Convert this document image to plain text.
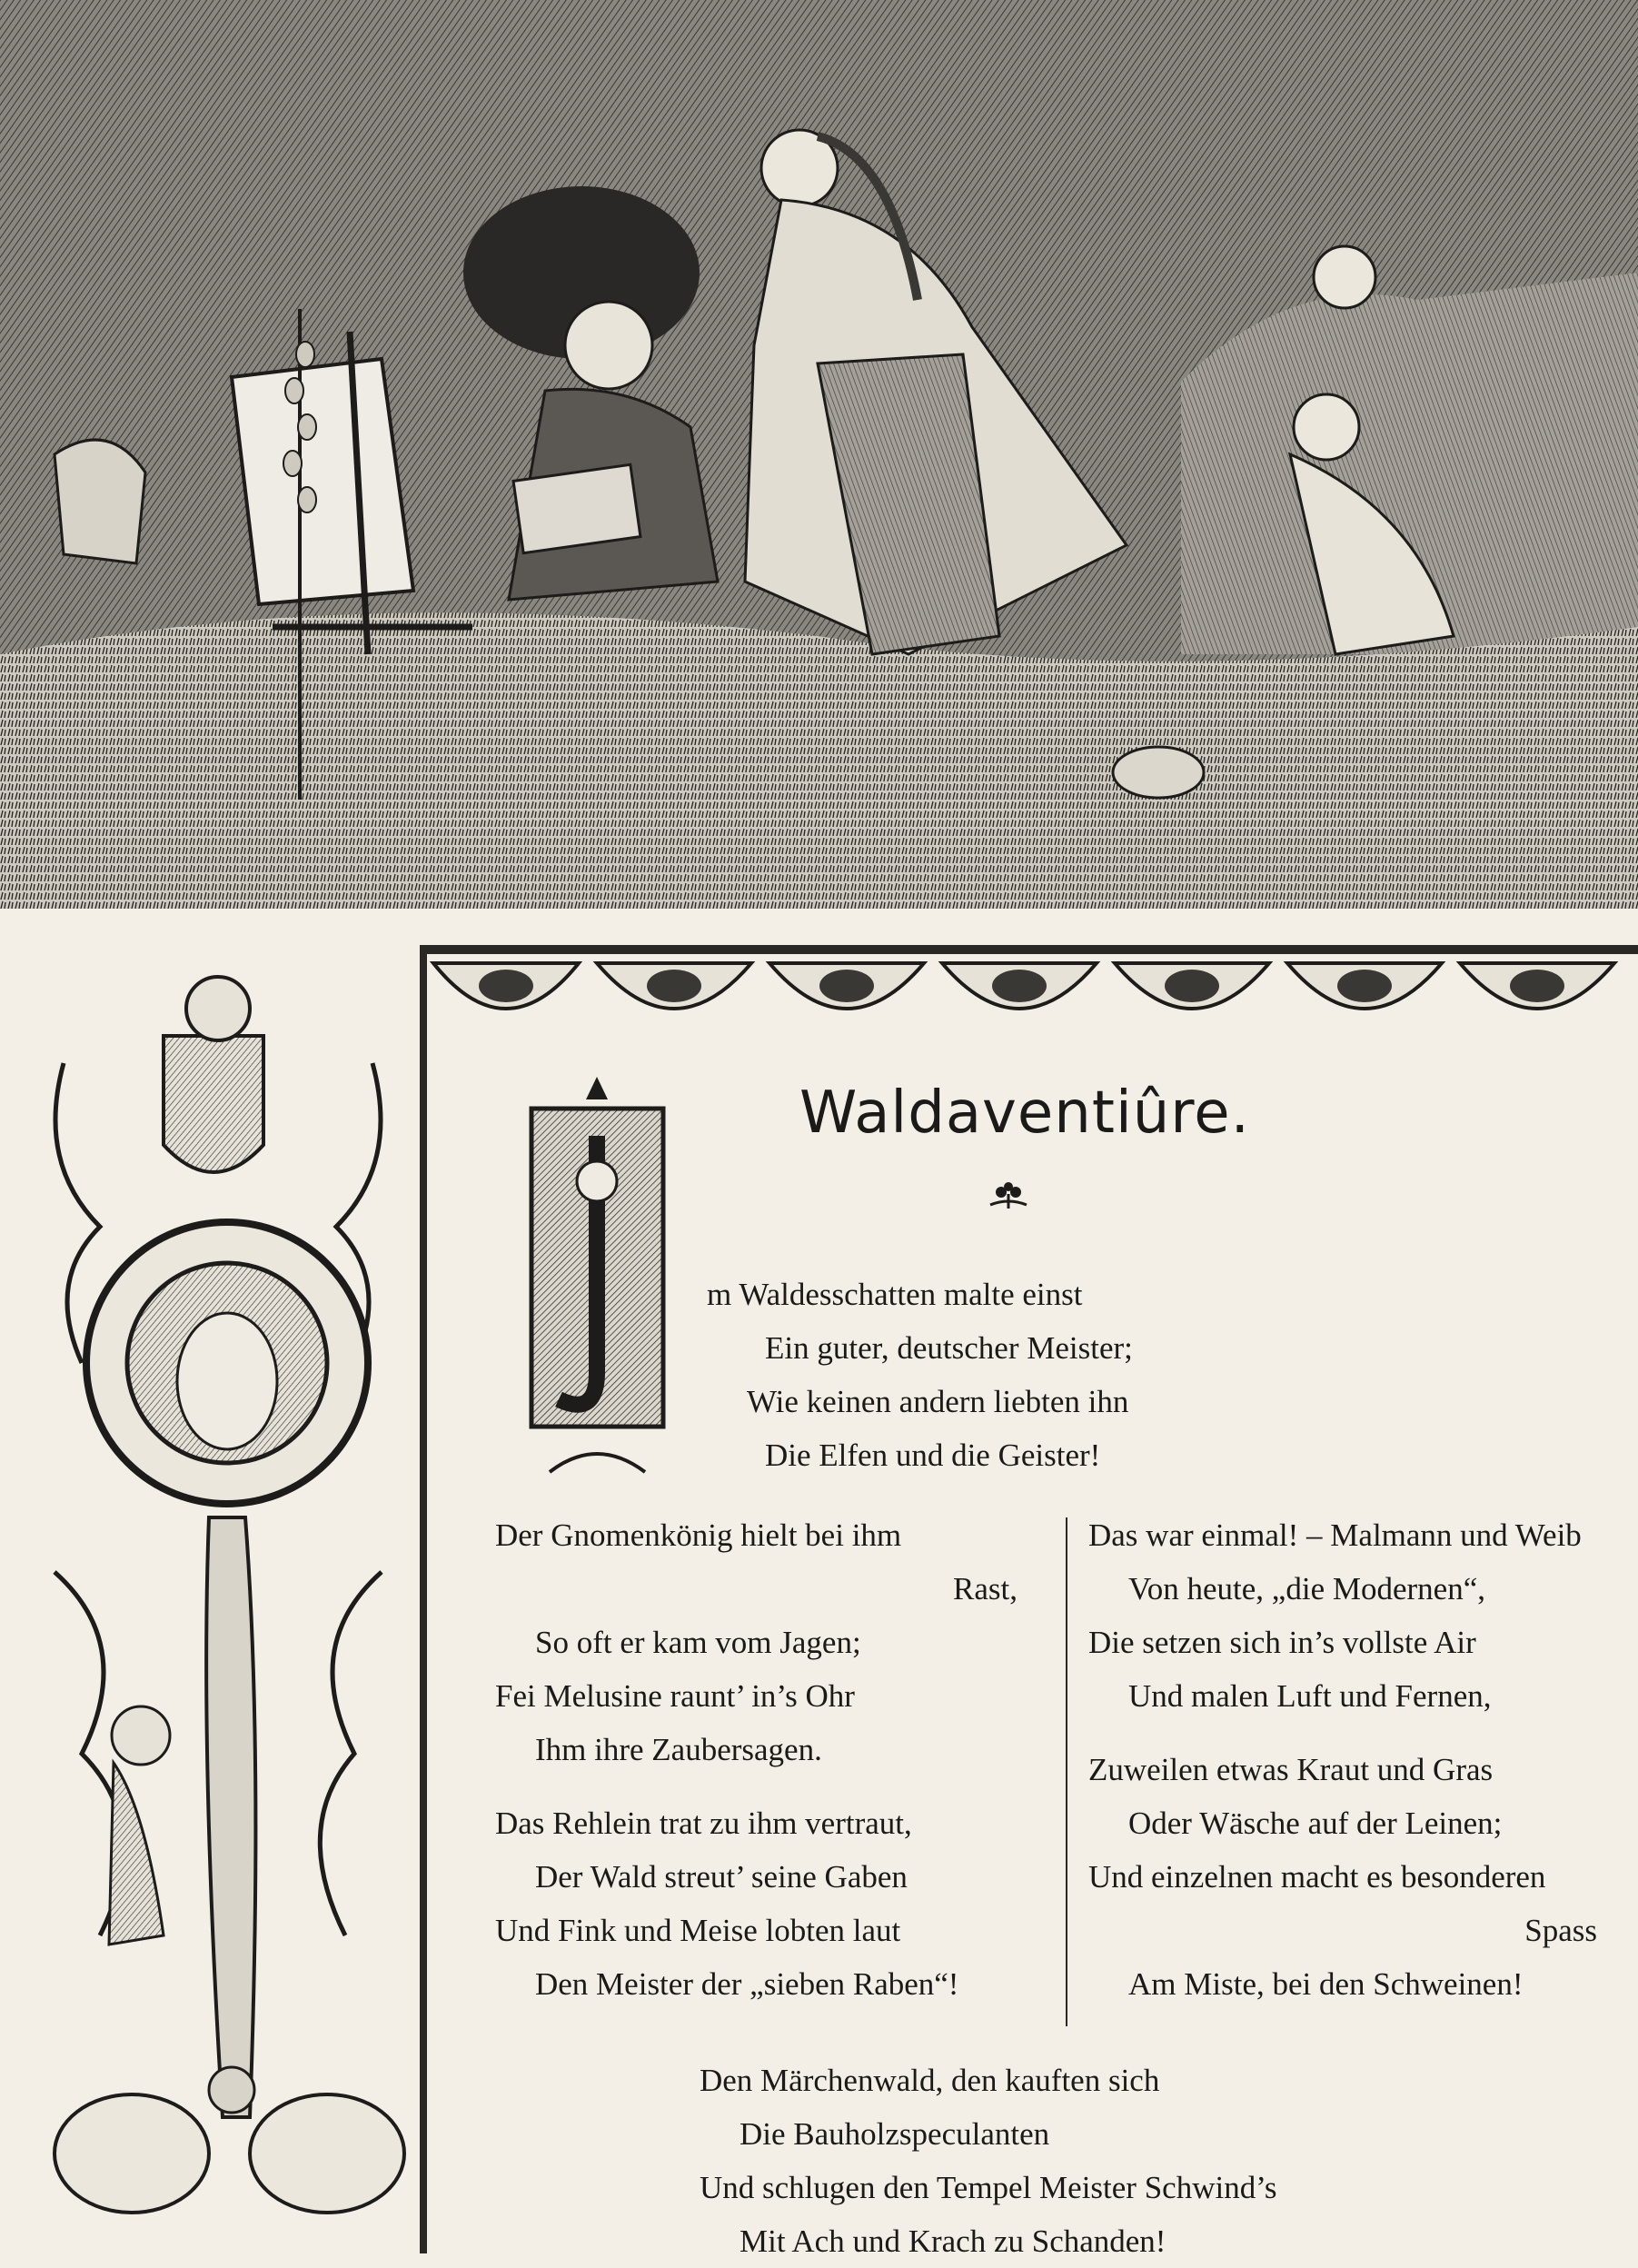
Waldaventiûre.
I	m Waldesschatten malte einst
Ein guter, deutscher Meister;
Wie keinen andern liebten ihn
Die Elfen und die Geister!
Der Gnomenkönig hielt bei ihm
Rast,
So oft er kam vom Jagen;
Fei Melusine raunt’ in’s Ohr
Ihm ihre Zaubersagen.
Das Rehlein trat zu ihm vertraut,
Der Wald streut’ seine Gaben
Und Fink und Meise lobten laut
Den Meister der „sieben Raben“!
Das war einmal! – Malmann und Weib
Von heute, „die Modernen“,
Die setzen sich in’s vollste Air
Und malen Luft und Fernen,
Zuweilen etwas Kraut und Gras
Oder Wäsche auf der Leinen;
Und einzelnen macht es besonderen
Spass
Am Miste, bei den Schweinen!
Den Märchenwald, den kauften sich
Die Bauholzspeculanten
Und schlugen den Tempel Meister Schwind’s
Mit Ach und Krach zu Schanden!
